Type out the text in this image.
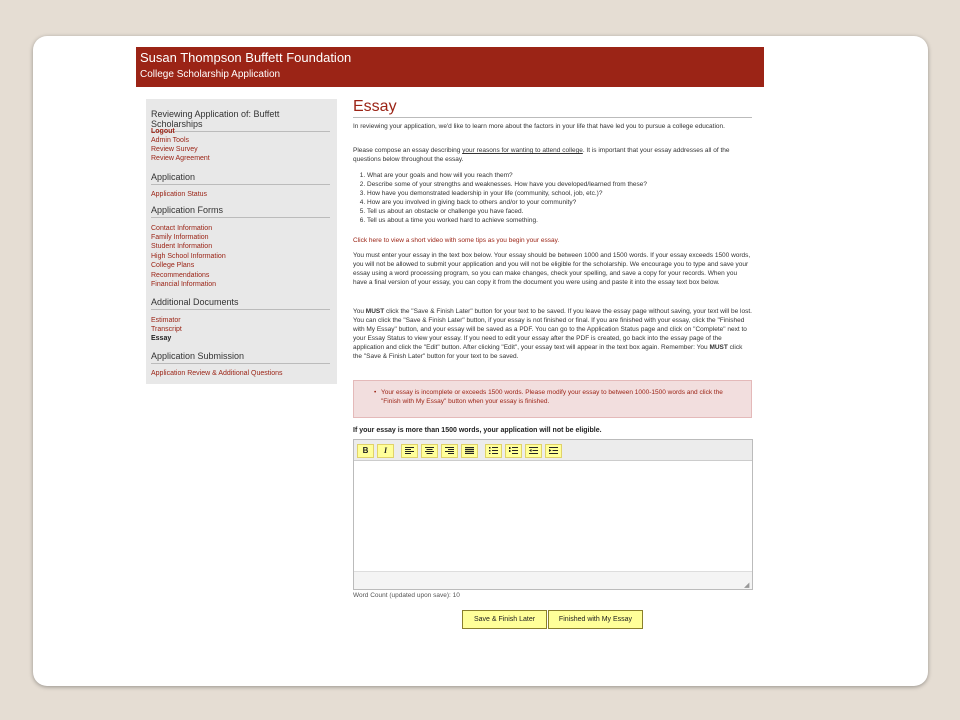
Susan Thompson Buffett Foundation
College Scholarship Application
Reviewing Application of: Buffett Scholarships
Logout
Admin Tools
Review Survey
Review Agreement
Application
Application Status
Application Forms
Contact Information
Family Information
Student Information
High School Information
College Plans
Recommendations
Financial Information
Additional Documents
Estimator
Transcript
Essay
Application Submission
Application Review & Additional Questions
Essay
In reviewing your application, we'd like to learn more about the factors in your life that have led you to pursue a college education.
Please compose an essay describing your reasons for wanting to attend college. It is important that your essay addresses all of the questions below throughout the essay.
1. What are your goals and how will you reach them?
2. Describe some of your strengths and weaknesses. How have you developed/learned from these?
3. How have you demonstrated leadership in your life (community, school, job, etc.)?
4. How are you involved in giving back to others and/or to your community?
5. Tell us about an obstacle or challenge you have faced.
6. Tell us about a time you worked hard to achieve something.
Click here to view a short video with some tips as you begin your essay.
You must enter your essay in the text box below. Your essay should be between 1000 and 1500 words. If your essay exceeds 1500 words, you will not be allowed to submit your application and you will not be eligible for the scholarship. We encourage you to type and save your essay using a word processing program, so you can make changes, check your spelling, and save a copy for your records. When you have a final version of your essay, you can copy it from the document you were using and paste it into the essay text box below.
You MUST click the "Save & Finish Later" button for your text to be saved. If you leave the essay page without saving, your text will be lost. You can click the "Save & Finish Later" button, if your essay is not finished or final. If you are finished with your essay, click the "Finished with My Essay" button, and your essay will be saved as a PDF. You can go to the Application Status page and click on "Complete" next to your Essay Status to view your essay. If you need to edit your essay after the PDF is created, go back into the essay page of the application and click the "Edit" button. After clicking "Edit", your essay text will appear in the text box again. Remember: You MUST click the "Save & Finish Later" button for your text to be saved.
• Your essay is incomplete or exceeds 1500 words. Please modify your essay to between 1000-1500 words and click the "Finish with My Essay" button when your essay is finished.
If your essay is more than 1500 words, your application will not be eligible.
B	I
◢
Word Count (updated upon save): 10
Save & Finish Later	Finished with My Essay
